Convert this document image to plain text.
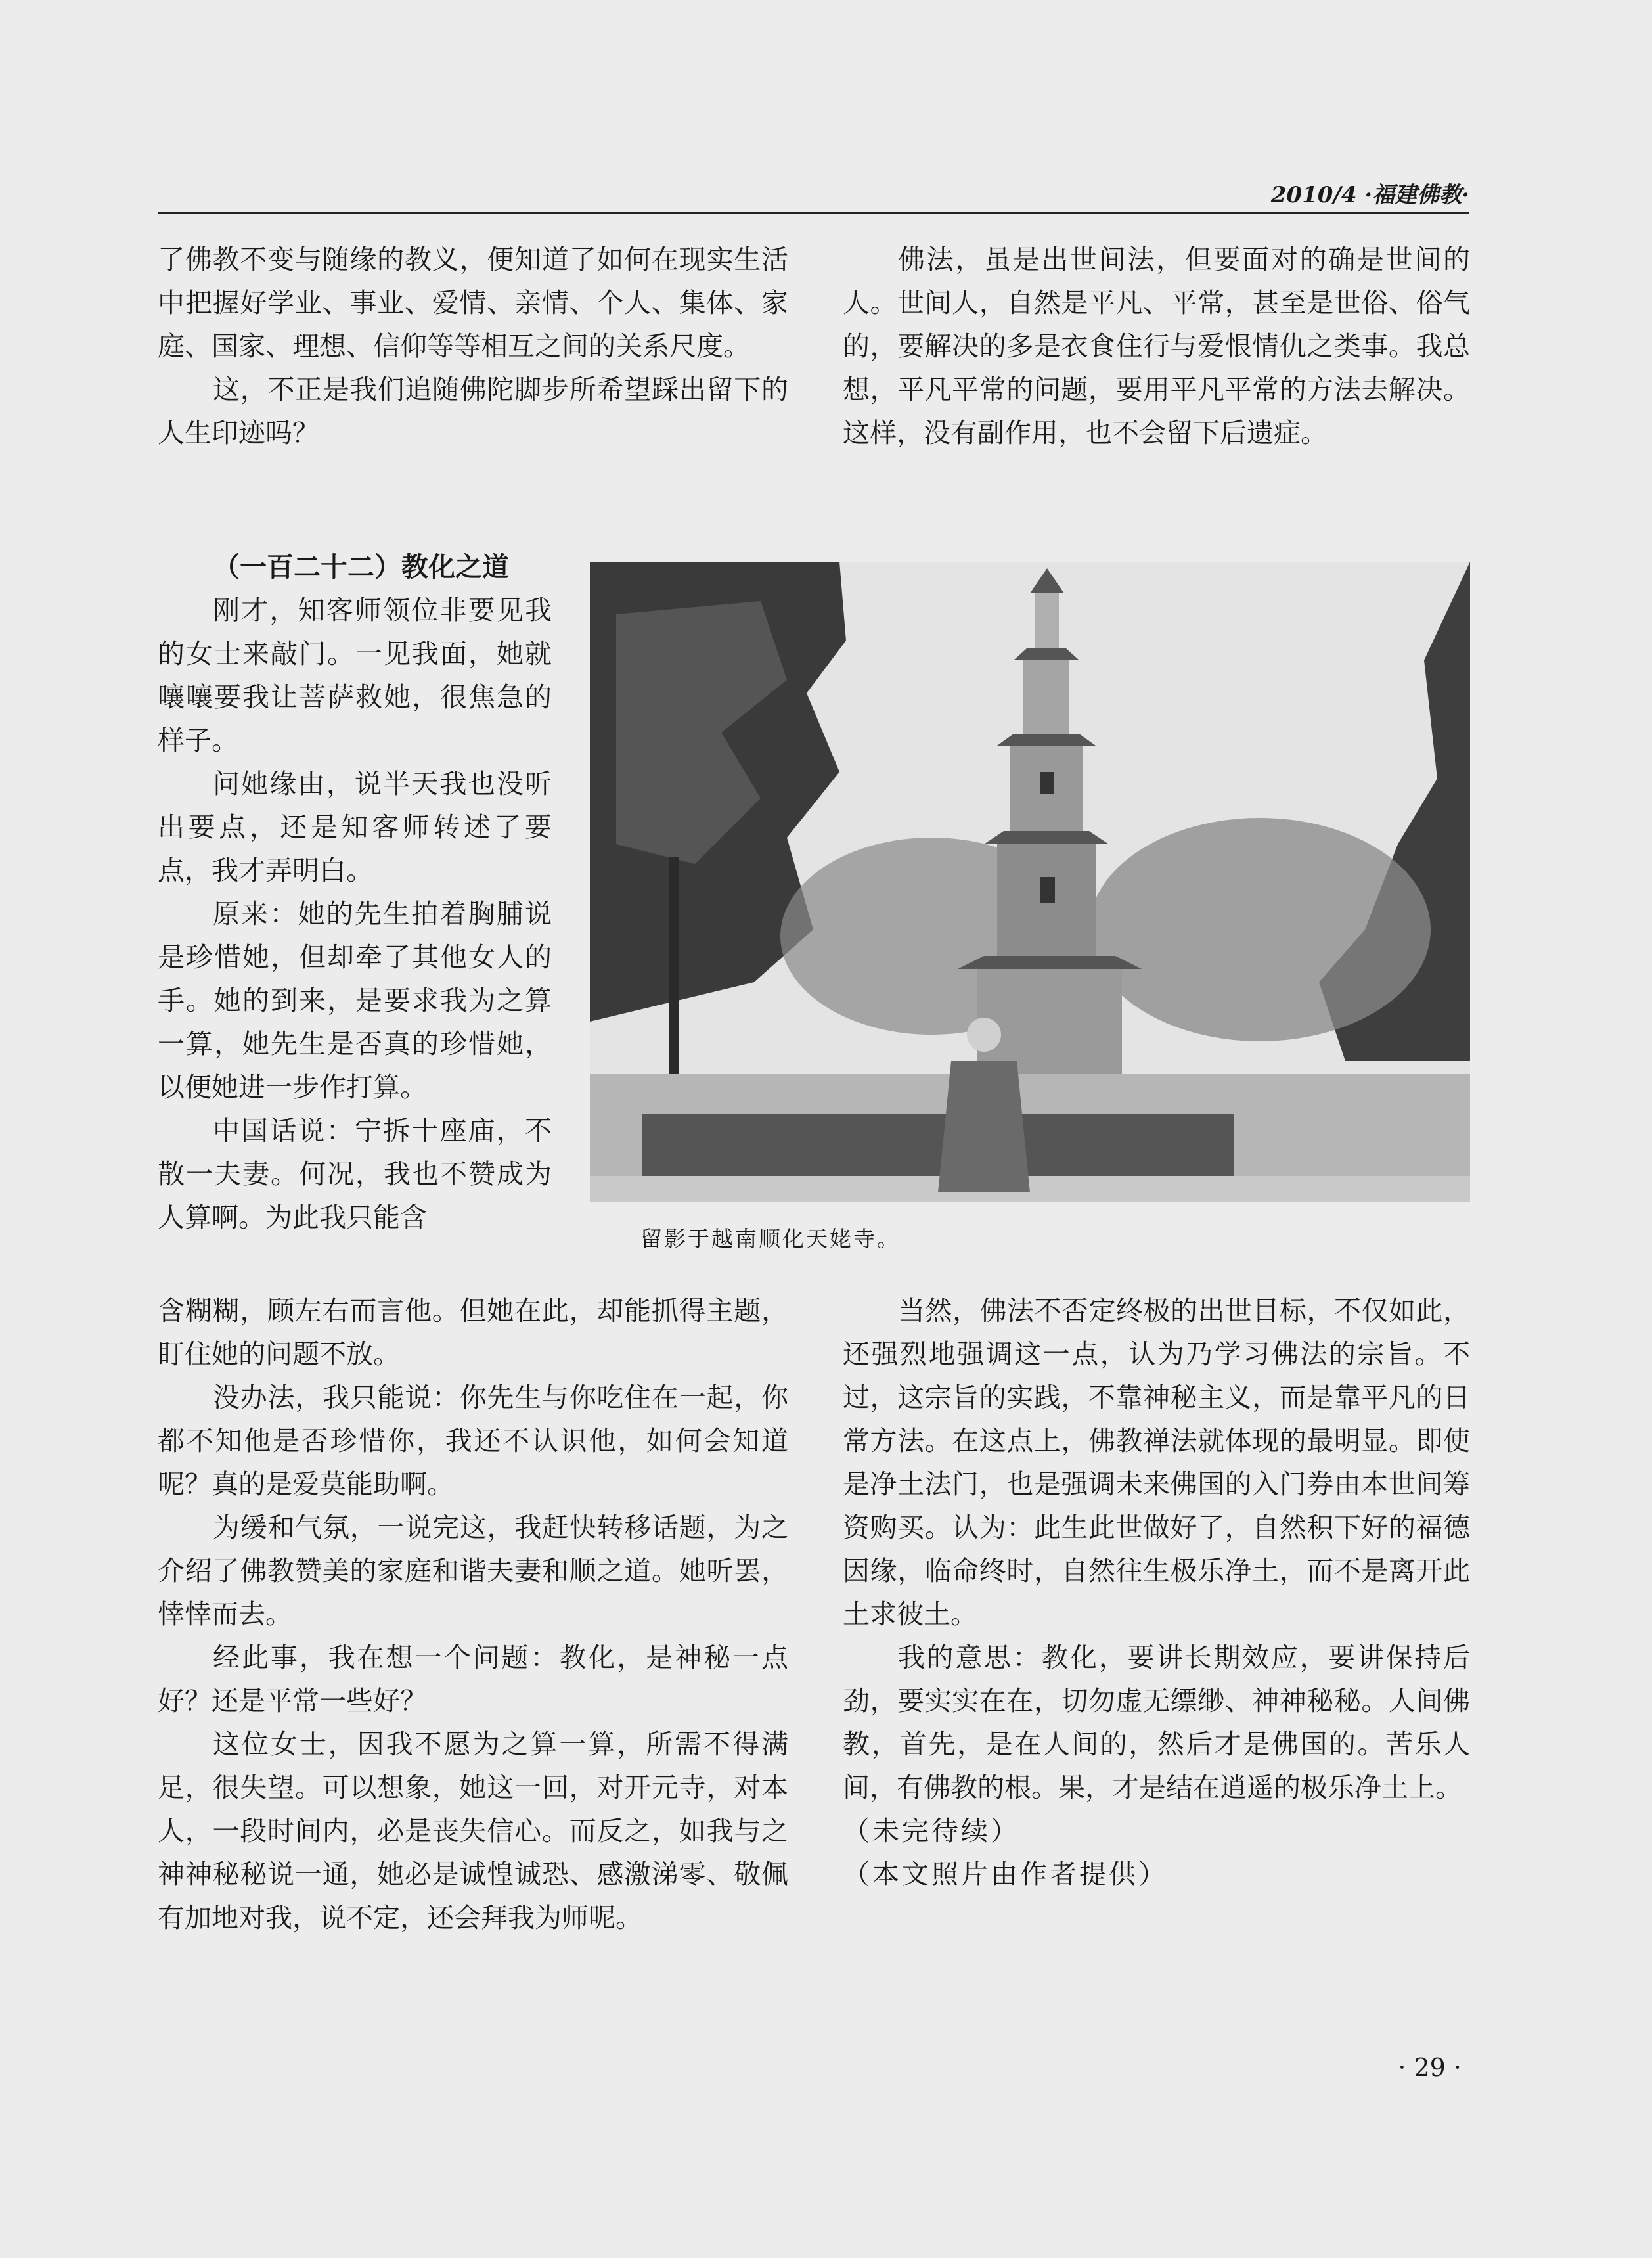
2010/4 ·福建佛教·

了佛教不变与随缘的教义，便知道了如何在现实生活中把握好学业、事业、爱情、亲情、个人、集体、家庭、国家、理想、信仰等等相互之间的关系尺度。

这，不正是我们追随佛陀脚步所希望踩出留下的人生印迹吗？

佛法，虽是出世间法，但要面对的确是世间的人。世间人，自然是平凡、平常，甚至是世俗、俗气的，要解决的多是衣食住行与爱恨情仇之类事。我总想，平凡平常的问题，要用平凡平常的方法去解决。这样，没有副作用，也不会留下后遗症。

（一百二十二）教化之道

刚才，知客师领位非要见我的女士来敲门。一见我面，她就嚷嚷要我让菩萨救她，很焦急的样子。

问她缘由，说半天我也没听出要点，还是知客师转述了要点，我才弄明白。

原来：她的先生拍着胸脯说是珍惜她，但却牵了其他女人的手。她的到来，是要求我为之算一算，她先生是否真的珍惜她，以便她进一步作打算。

中国话说：宁拆十座庙，不散一夫妻。何况，我也不赞成为人算啊。为此我只能含

留影于越南顺化天姥寺。

含糊糊，顾左右而言他。但她在此，却能抓得主题，盯住她的问题不放。

没办法，我只能说：你先生与你吃住在一起，你都不知他是否珍惜你，我还不认识他，如何会知道呢？真的是爱莫能助啊。

为缓和气氛，一说完这，我赶快转移话题，为之介绍了佛教赞美的家庭和谐夫妻和顺之道。她听罢，悻悻而去。

经此事，我在想一个问题：教化，是神秘一点好？还是平常一些好？

这位女士，因我不愿为之算一算，所需不得满足，很失望。可以想象，她这一回，对开元寺，对本人，一段时间内，必是丧失信心。而反之，如我与之神神秘秘说一通，她必是诚惶诚恐、感激涕零、敬佩有加地对我，说不定，还会拜我为师呢。

当然，佛法不否定终极的出世目标，不仅如此，还强烈地强调这一点，认为乃学习佛法的宗旨。不过，这宗旨的实践，不靠神秘主义，而是靠平凡的日常方法。在这点上，佛教禅法就体现的最明显。即使是净土法门，也是强调未来佛国的入门券由本世间筹资购买。认为：此生此世做好了，自然积下好的福德因缘，临命终时，自然往生极乐净土，而不是离开此土求彼土。

我的意思：教化，要讲长期效应，要讲保持后劲，要实实在在，切勿虚无缥缈、神神秘秘。人间佛教，首先，是在人间的，然后才是佛国的。苦乐人间，有佛教的根。果，才是结在逍遥的极乐净土上。

（未完待续）

（本文照片由作者提供）

· 29 ·
